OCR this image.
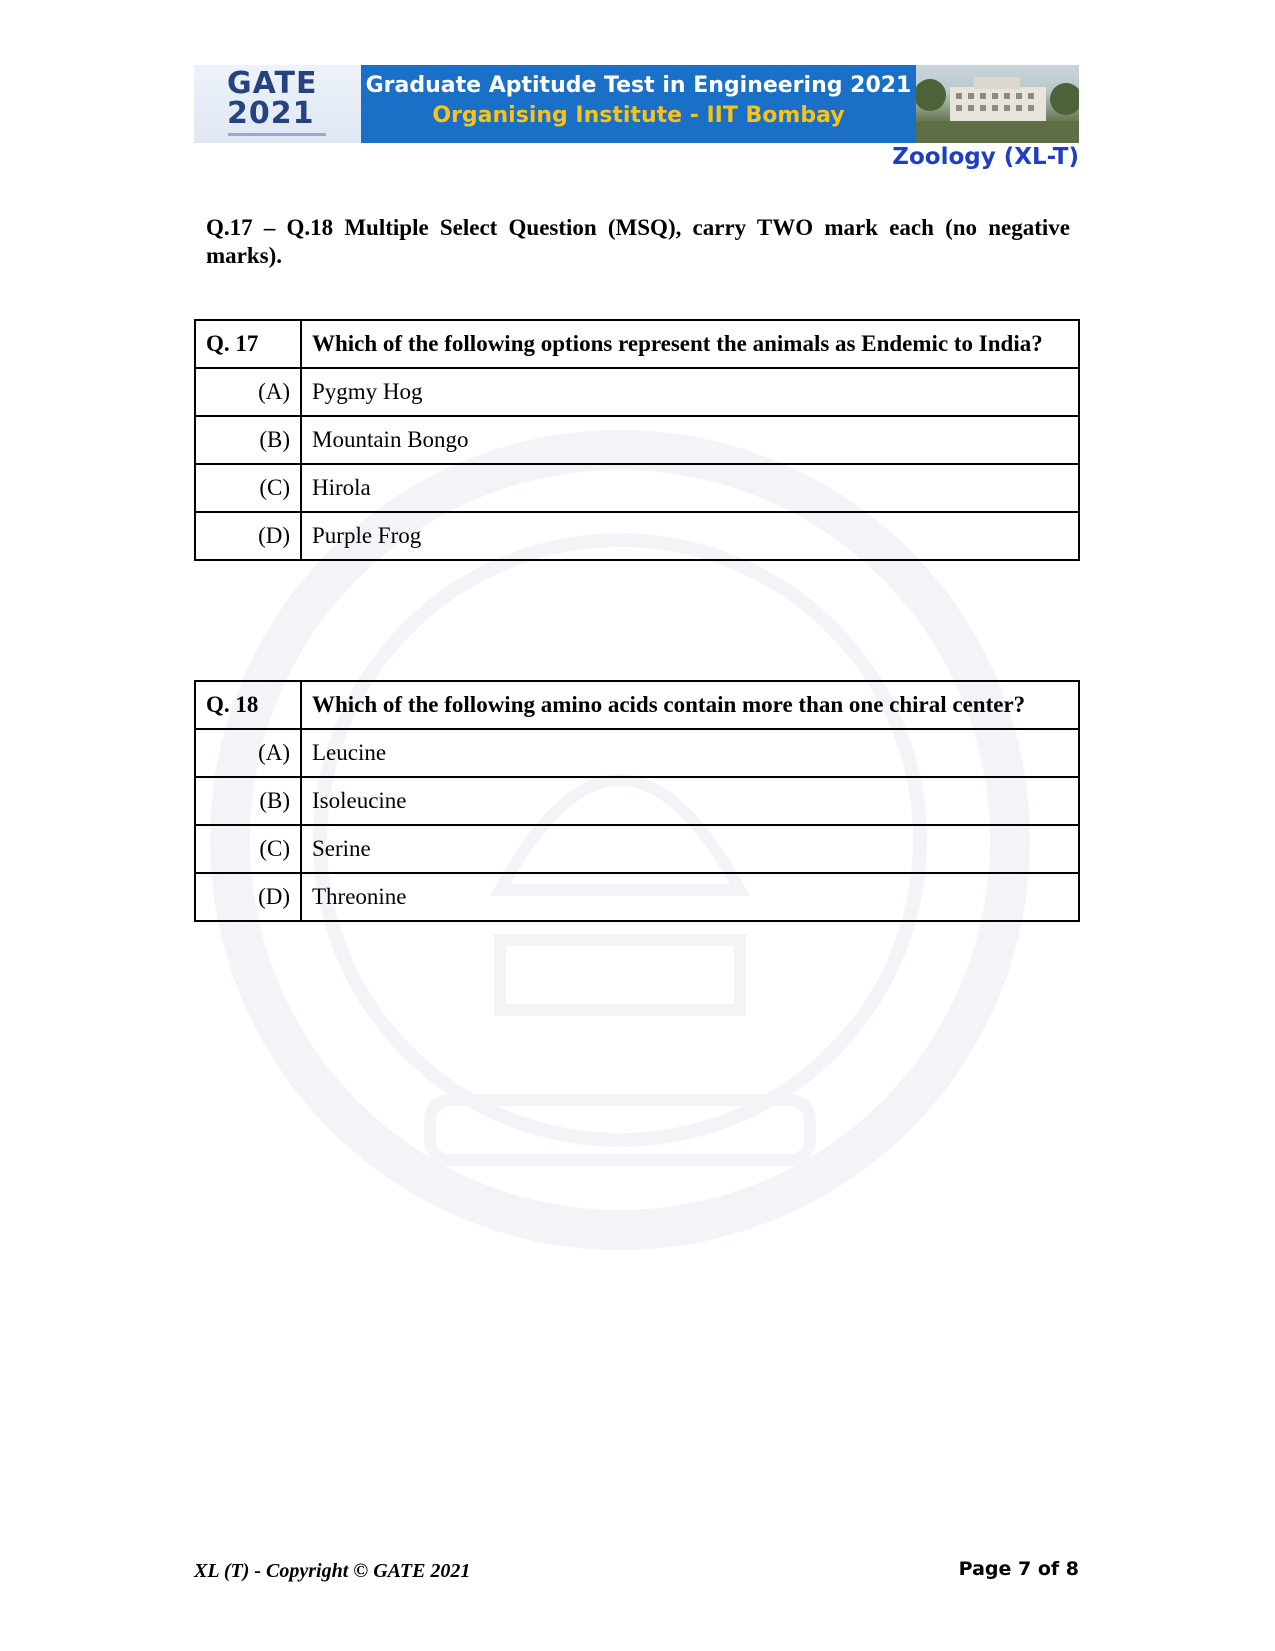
GATE
2021
Graduate Aptitude Test in Engineering 2021
Organising Institute - IIT Bombay
Zoology (XL-T)
Q.17 – Q.18 Multiple Select Question (MSQ), carry TWO mark each (no negative marks).
Q. 17	Which of the following options represent the animals as Endemic to India?
(A)	Pygmy Hog
(B)	Mountain Bongo
(C)	Hirola
(D)	Purple Frog
Q. 18	Which of the following amino acids contain more than one chiral center?
(A)	Leucine
(B)	Isoleucine
(C)	Serine
(D)	Threonine
XL (T) - Copyright © GATE 2021	Page 7 of 8
